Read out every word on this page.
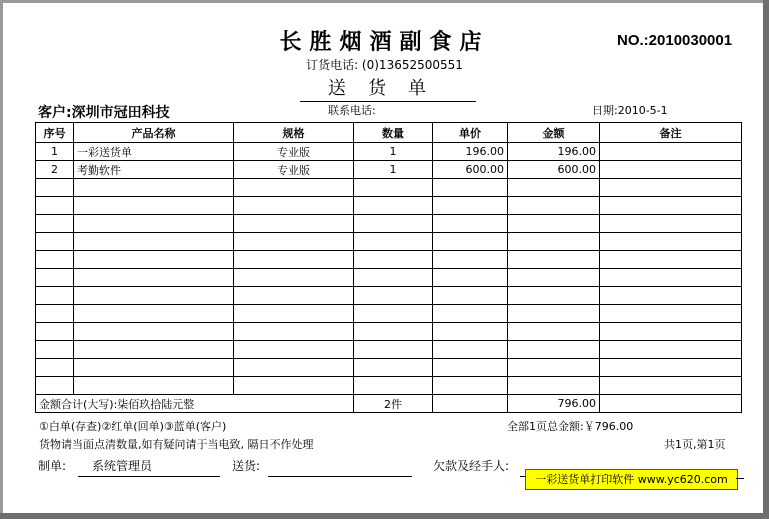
长胜烟酒副食店	NO.:2010030001
订货电话: (0)13652500551
送货单
客户:深圳市冠田科技	联系电话:	日期:2010-5-1
序号	产品名称	规格	数量	单价	金额	备注
1	一彩送货单	专业版	1	196.00	196.00	
2	考勤软件	专业版	1	600.00	600.00	

金额合计(大写):柒佰玖拾陆元整			2件		796.00	
①白单(存查)②红单(回单)③蓝单(客户)	全部1页总金额:￥796.00
货物请当面点清数量,如有疑问请于当电致, 隔日不作处理	共1页,第1页
制单: 系统管理员	送货:	欠款及经手人:
一彩送货单打印软件 www.yc620.com
